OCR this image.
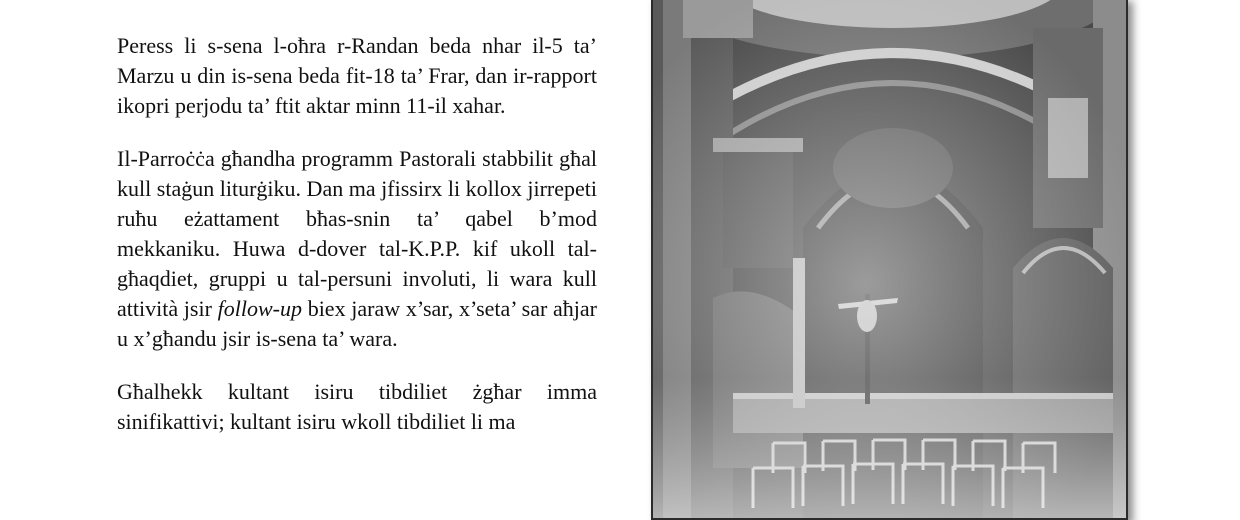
Peress li s-sena l-oħra r-Randan beda nhar il-5 ta’ Marzu u din is-sena beda fit-18 ta’ Frar, dan ir-rapport ikopri perjodu ta’ ftit aktar minn 11-il xahar.

Il-Parroċċa għandha programm Pastorali stabbilit għal kull staġun liturġiku. Dan ma jfissirx li kollox jirrepeti ruħu eżattament bħas-snin ta’ qabel b’mod mekkaniku. Huwa d-dover tal-K.P.P. kif ukoll tal-għaqdiet, gruppi u tal-persuni involuti, li wara kull attività jsir follow-up biex jaraw x’sar, x’seta’ sar aħjar u x’għandu jsir is-sena ta’ wara.

Għalhekk kultant isiru tibdiliet żgħar imma sinifikattivi; kultant isiru wkoll tibdiliet li ma
